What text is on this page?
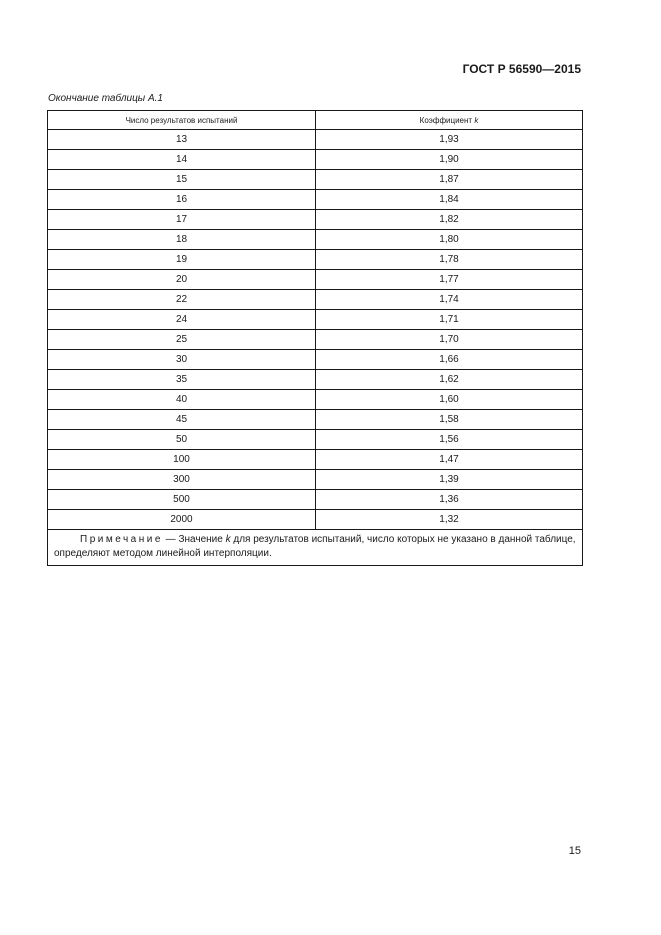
ГОСТ Р 56590—2015
Окончание таблицы А.1
Число результатов испытаний	Коэффициент k
13	1,93
14	1,90
15	1,87
16	1,84
17	1,82
18	1,80
19	1,78
20	1,77
22	1,74
24	1,71
25	1,70
30	1,66
35	1,62
40	1,60
45	1,58
50	1,56
100	1,47
300	1,39
500	1,36
2000	1,32
Примечание — Значение k для результатов испытаний, число которых не указано в данной таблице, определяют методом линейной интерполяции.	
15
